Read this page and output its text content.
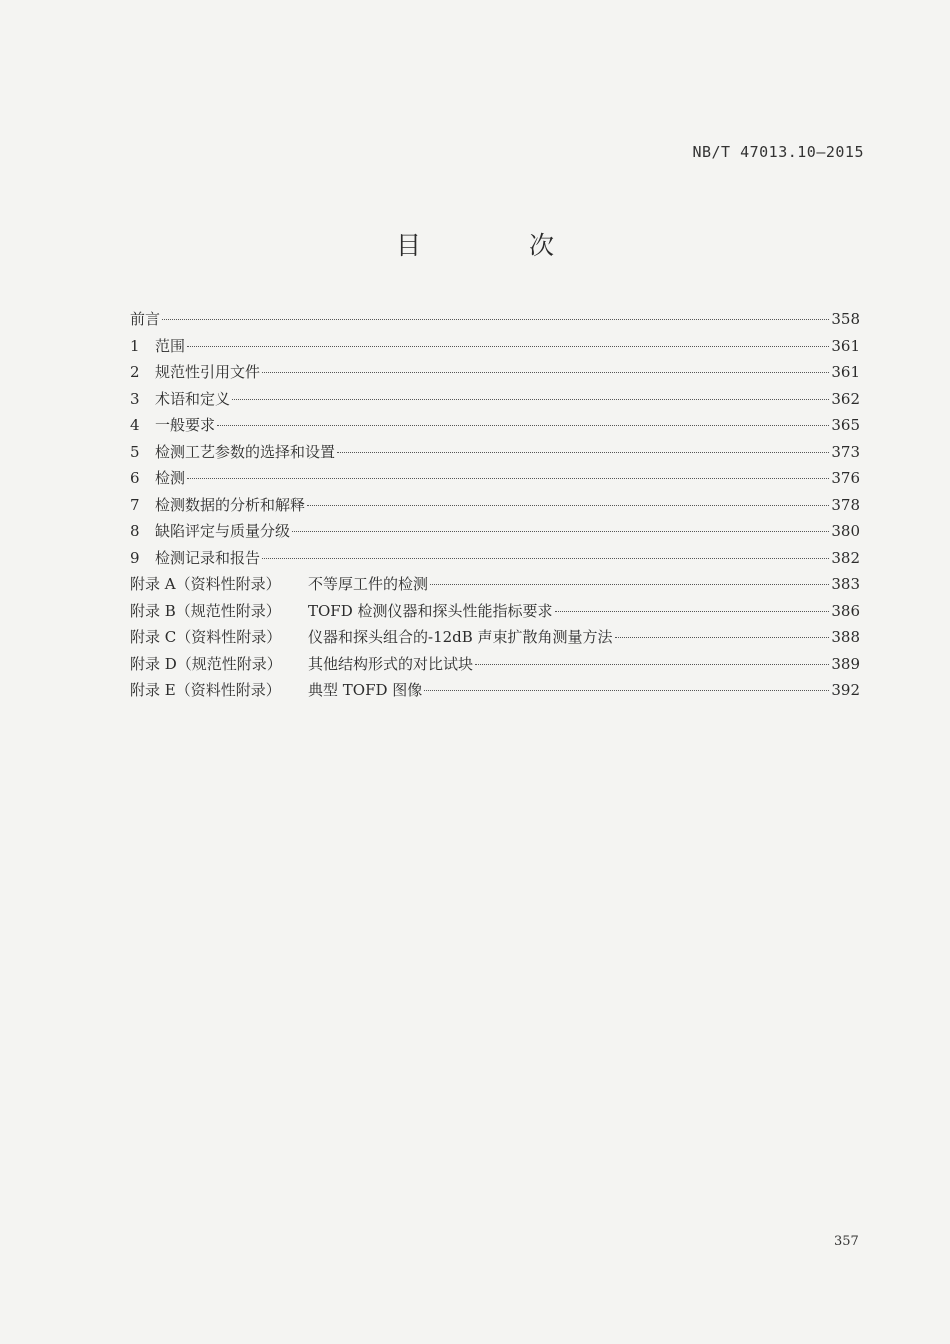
NB/T 47013.10—2015
目 次
前言	358
1	范围	361
2	规范性引用文件	361
3	术语和定义	362
4	一般要求	365
5	检测工艺参数的选择和设置	373
6	检测	376
7	检测数据的分析和解释	378
8	缺陷评定与质量分级	380
9	检测记录和报告	382
附录 A（资料性附录）	不等厚工件的检测	383
附录 B（规范性附录）	TOFD 检测仪器和探头性能指标要求	386
附录 C（资料性附录）	仪器和探头组合的-12dB 声束扩散角测量方法	388
附录 D（规范性附录）	其他结构形式的对比试块	389
附录 E（资料性附录）	典型 TOFD 图像	392
357
